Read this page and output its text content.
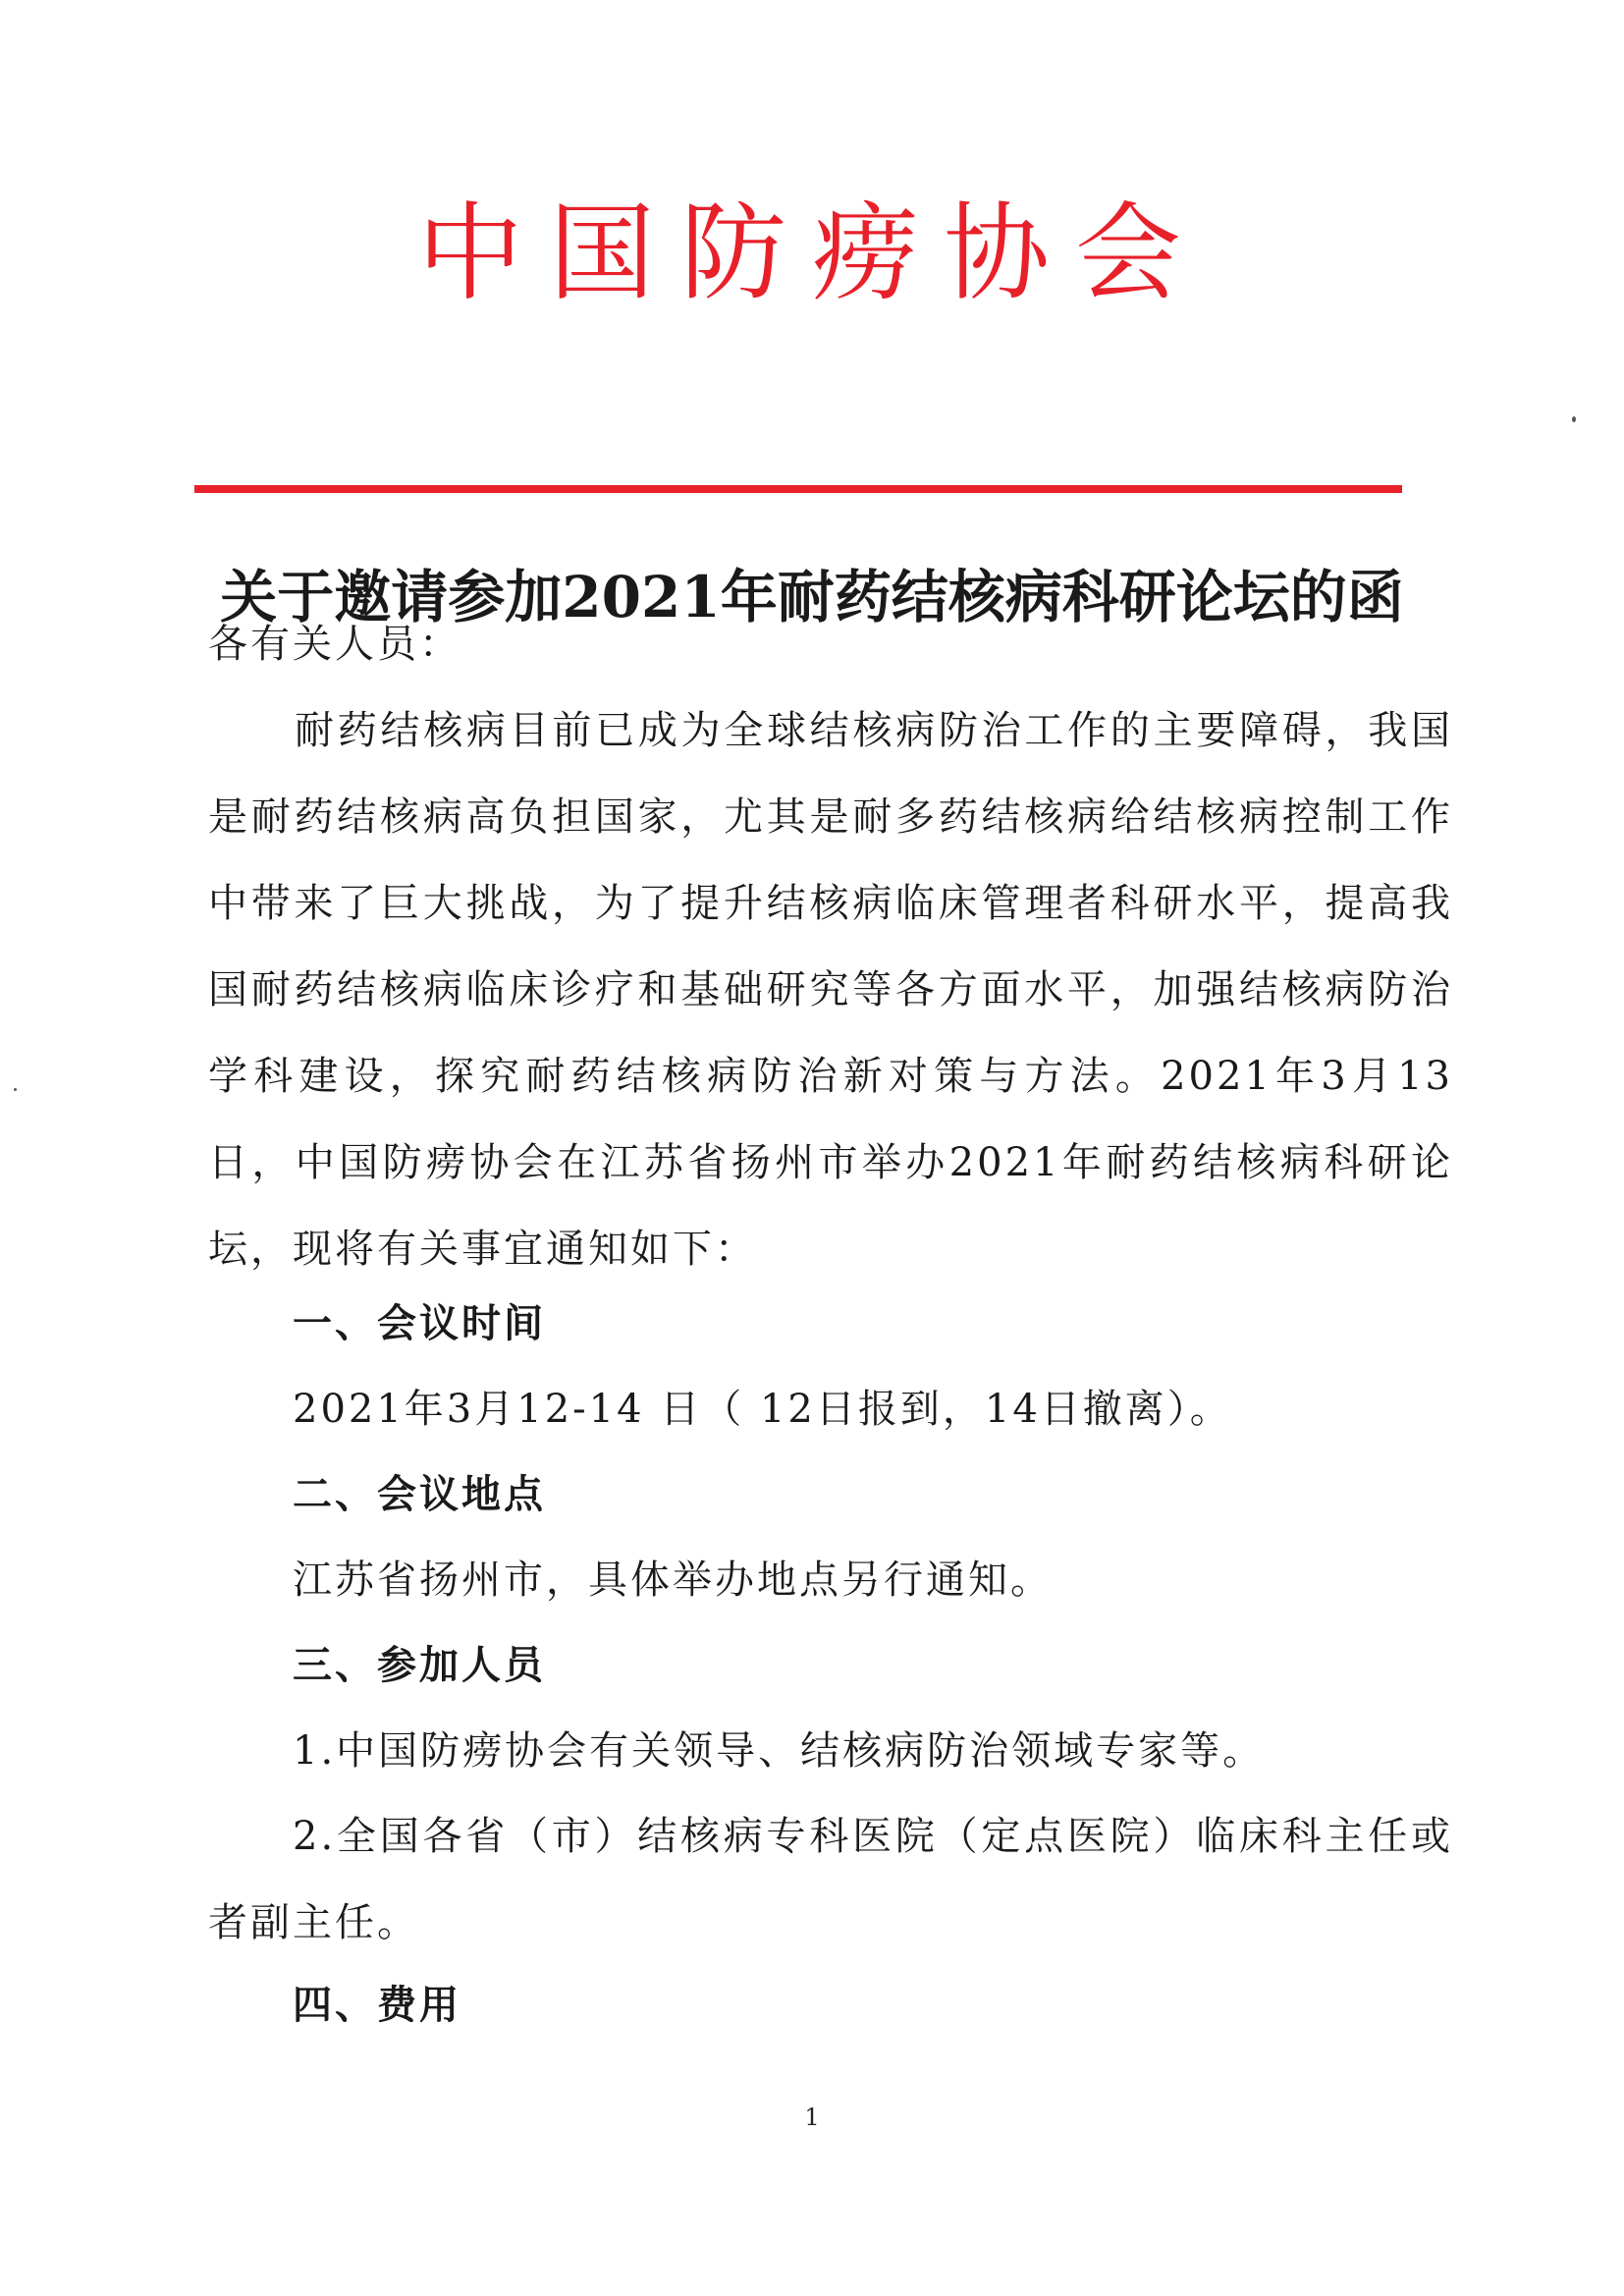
中国防痨协会
关于邀请参加2021年耐药结核病科研论坛的函

各有关人员：

耐药结核病目前已成为全球结核病防治工作的主要障碍，我国是耐药结核病高负担国家，尤其是耐多药结核病给结核病控制工作中带来了巨大挑战，为了提升结核病临床管理者科研水平，提高我国耐药结核病临床诊疗和基础研究等各方面水平，加强结核病防治学科建设，探究耐药结核病防治新对策与方法。2021年3月13日，中国防痨协会在江苏省扬州市举办2021年耐药结核病科研论坛，现将有关事宜通知如下：

一、会议时间

2021年3月12-14 日（ 12日报到，14日撤离）。

二、会议地点

江苏省扬州市，具体举办地点另行通知。

三、参加人员

1.中国防痨协会有关领导、结核病防治领域专家等。

2.全国各省（市）结核病专科医院（定点医院）临床科主任或者副主任。

四、费用
1
